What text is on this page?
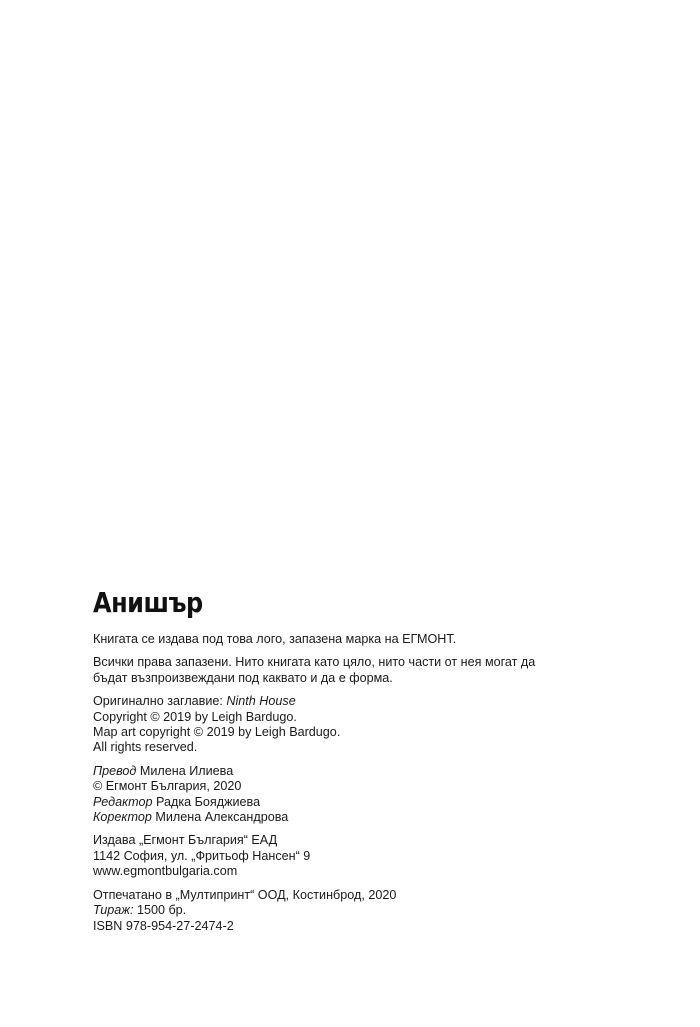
Анишър
Книгата се издава под това лого, запазена марка на ЕГМОНТ.
Всички права запазени. Нито книгата като цяло, нито части от нея могат да
бъдат възпроизвеждани под каквато и да е форма.
Оригинално заглавие: Ninth House
Copyright © 2019 by Leigh Bardugo.
Map art copyright © 2019 by Leigh Bardugo.
All rights reserved.
Превод Милена Илиева
© Егмонт България, 2020
Редактор Радка Бояджиева
Коректор Милена Александрова
Издава „Егмонт България“ ЕАД
1142 София, ул. „Фритьоф Нансен“ 9
www.egmontbulgaria.com
Отпечатано в „Мултипринт“ ООД, Костинброд, 2020
Тираж: 1500 бр.
ISBN 978-954-27-2474-2
